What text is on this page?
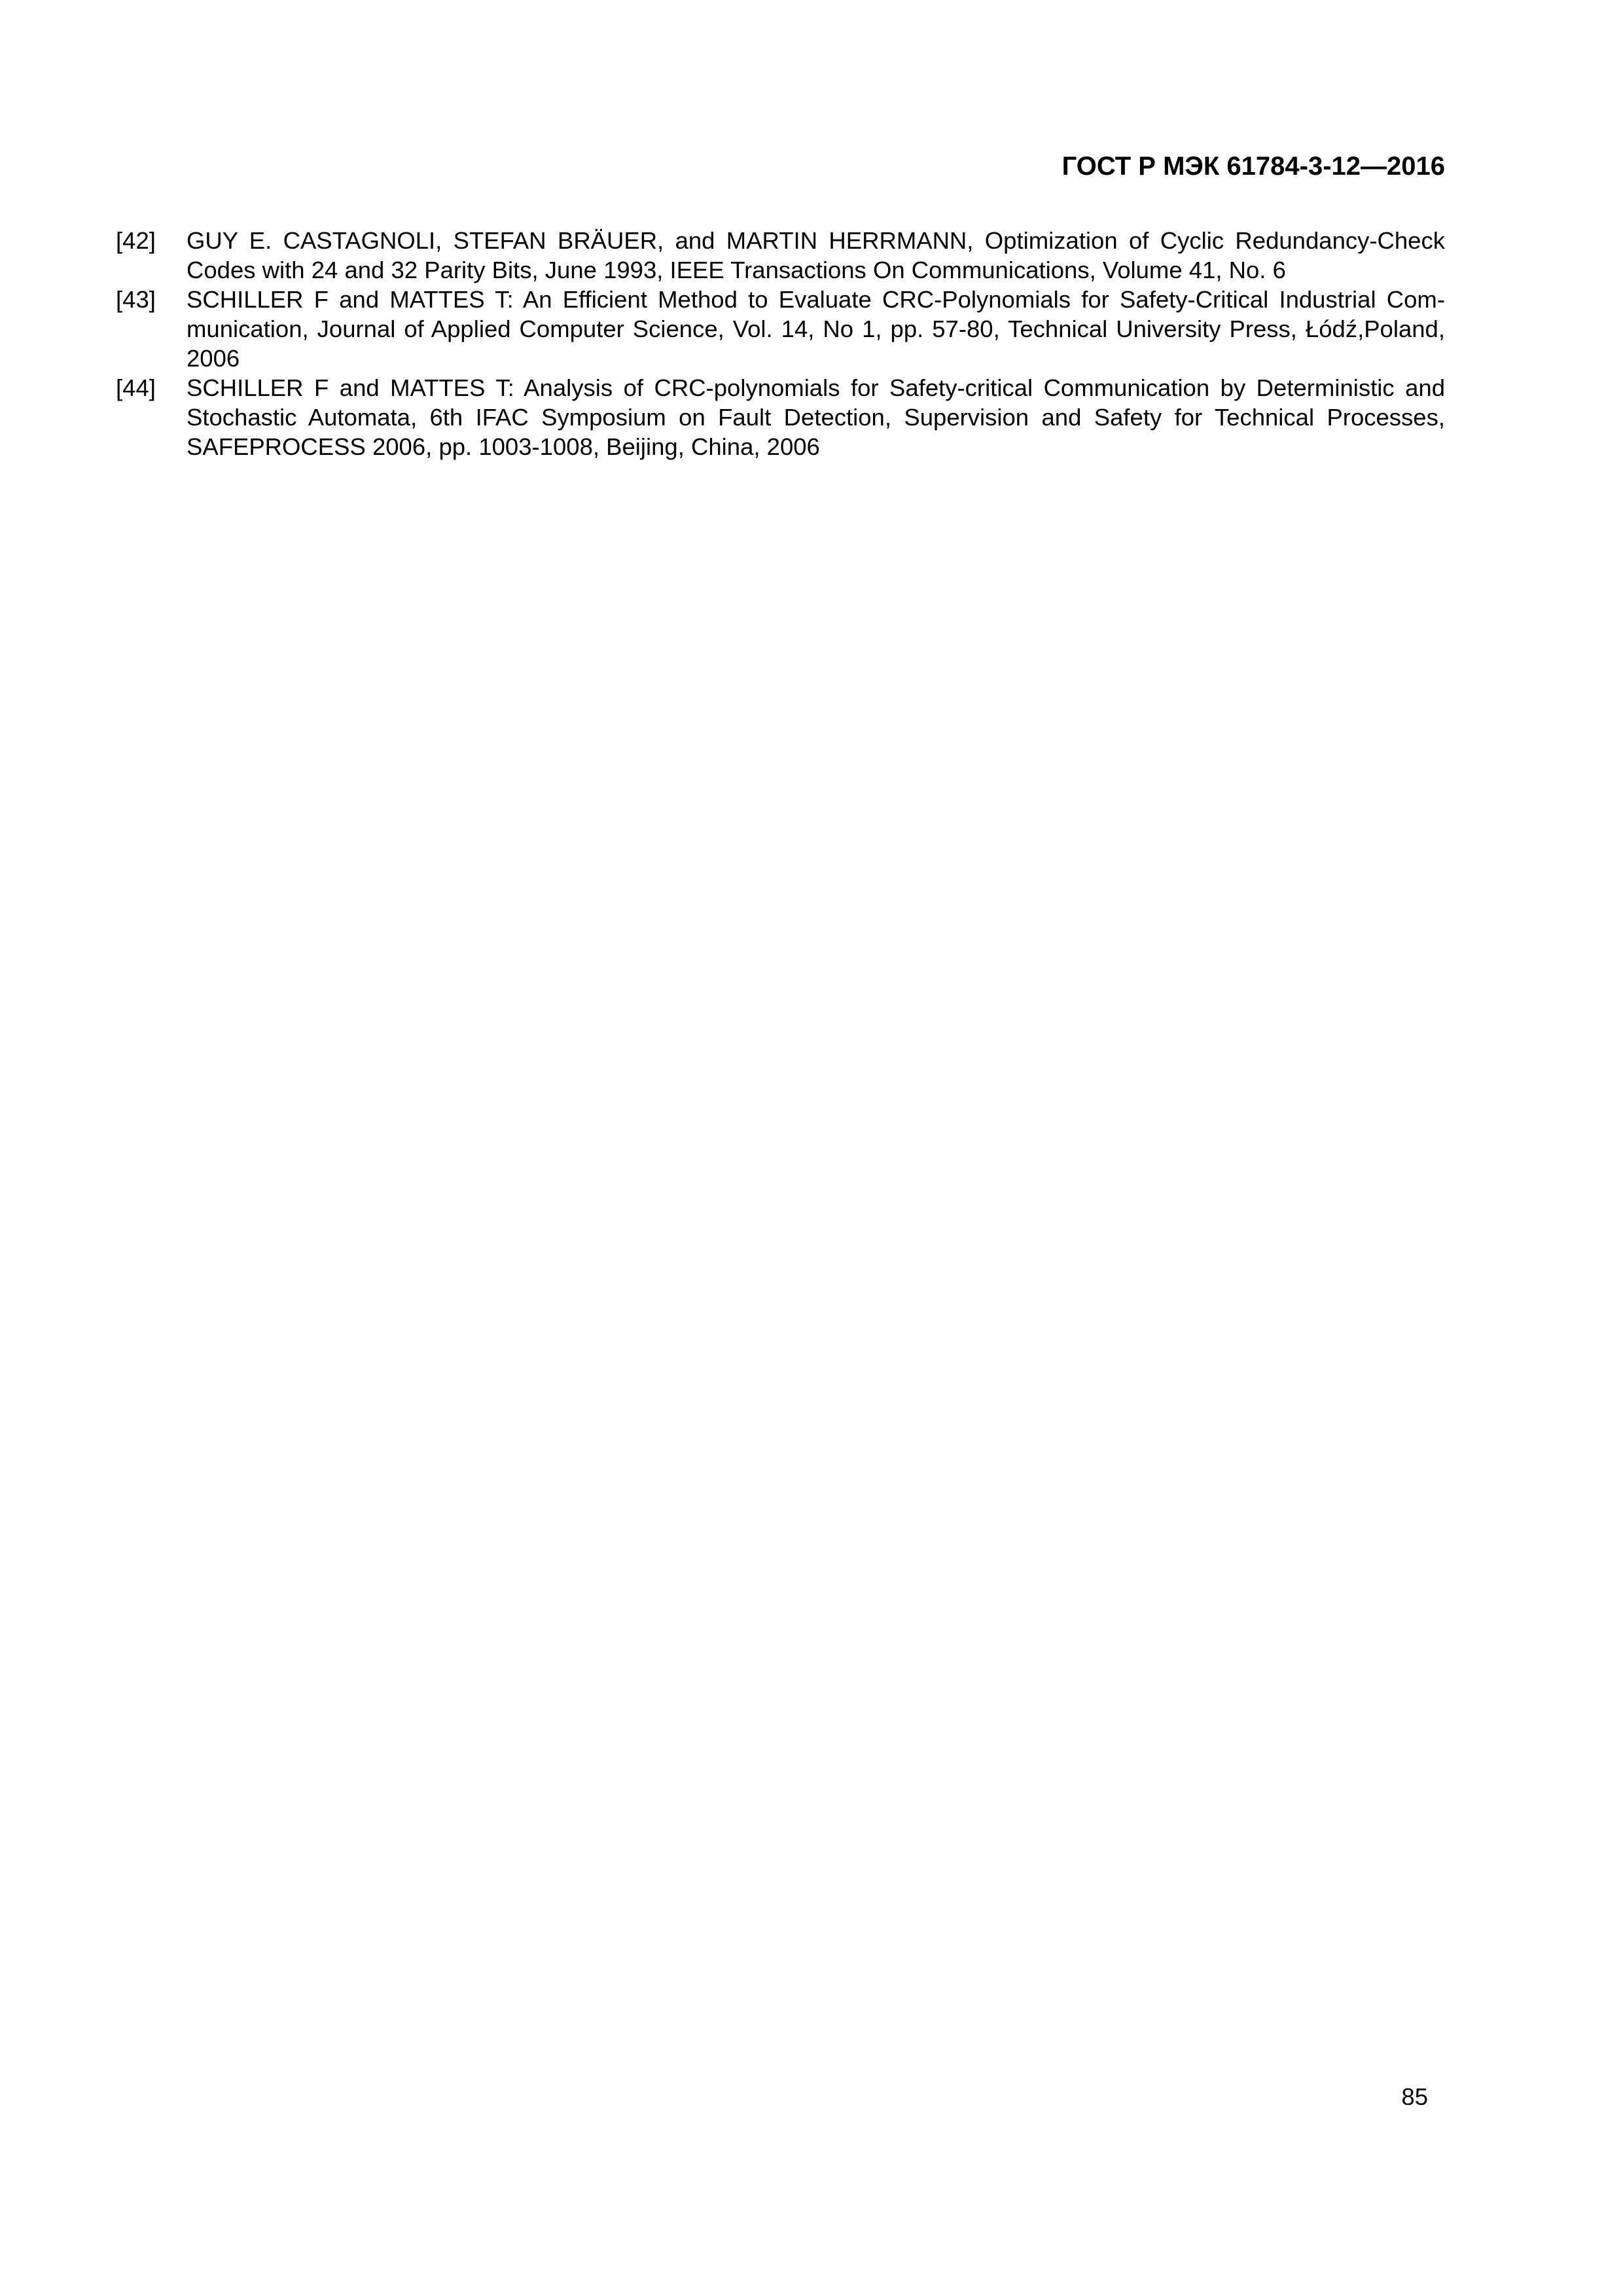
ГОСТ Р МЭК 61784-3-12—2016
[42] GUY E. CASTAGNOLI, STEFAN BRÄUER, and MARTIN HERRMANN, Optimization of Cyclic Redundancy-Check Codes with 24 and 32 Parity Bits, June 1993, IEEE Transactions On Communications, Volume 41, No. 6
[43] SCHILLER F and MATTES T: An Efficient Method to Evaluate CRC-Polynomials for Safety-Critical Industrial Com-munication, Journal of Applied Computer Science, Vol. 14, No 1, pp. 57-80, Technical University Press, Łódź,Poland, 2006
[44] SCHILLER F and MATTES T: Analysis of CRC-polynomials for Safety-critical Communication by Deterministic and Stochastic Automata, 6th IFAC Symposium on Fault Detection, Supervision and Safety for Technical Processes, SAFEPROCESS 2006, pp. 1003-1008, Beijing, China, 2006
85
